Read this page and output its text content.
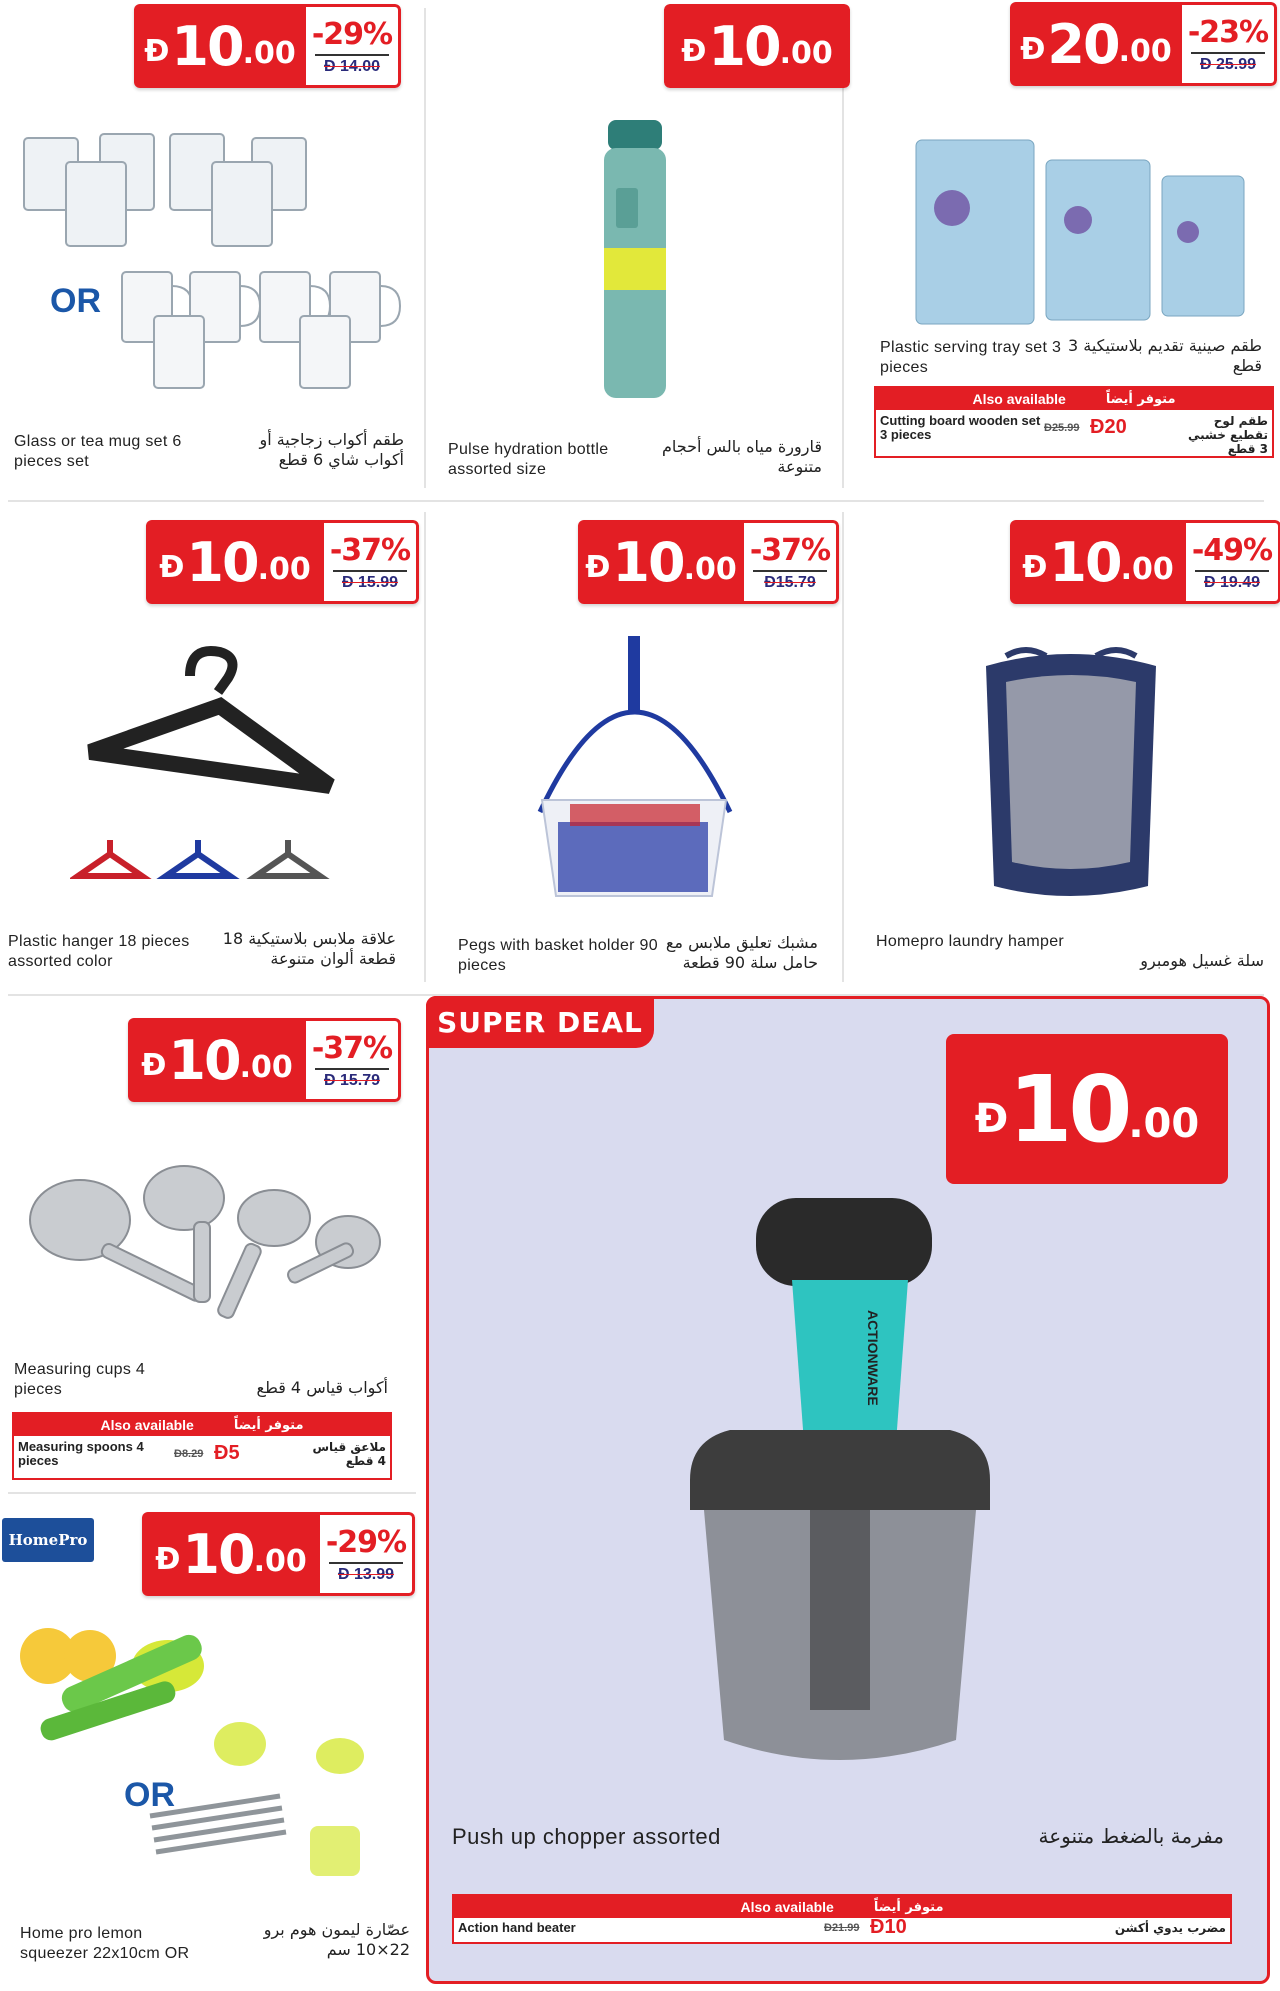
Đ 10 .00
-29%
Đ 14.00
OR
Glass or tea mug set 6 pieces set
طقم أكواب زجاجية أو أكواب شاي 6 قطع
Đ 10 .00
Pulse hydration bottle assorted size
قارورة مياه بالس أحجام متنوعة
Đ 20 .00
-23%
Đ 25.99
Plastic serving tray set 3 pieces
طقم صينية تقديم بلاستيكية 3 قطع
Also available	متوفر أيضاً
Cutting board wooden set 3 pieces	Đ25.99 Đ20	طقم لوح تقطيع خشبي 3 قطع
Đ 10 .00
-37%
Đ 15.99
Plastic hanger 18 pieces assorted color
علاقة ملابس بلاستيكية 18 قطعة ألوان متنوعة
Đ 10 .00
-37%
Đ15.79
Pegs with basket holder 90 pieces
مشبك تعليق ملابس مع حامل سلة 90 قطعة
Đ 10 .00
-49%
Đ 19.49
Homepro laundry hamper
سلة غسيل هومبرو
Đ 10 .00
-37%
Đ 15.79
Measuring cups 4 pieces	أكواب قياس 4 قطع
Also available	متوفر أيضاً
Measuring spoons 4 pieces	Đ8.29 Đ5	ملاعق قياس 4 قطع
HomePro
Đ 10 .00
-29%
Đ 13.99
OR
Home pro lemon squeezer 22x10cm OR
عصّارة ليمون هوم برو 22×10 سم
SUPER DEAL
Đ 10 .00
ACTIONWARE
Push up chopper assorted	مفرمة بالضغط متنوعة
Also available	متوفر أيضاً
Action hand beater	Đ21.99 Đ10	مضرب يدوي أكشن
